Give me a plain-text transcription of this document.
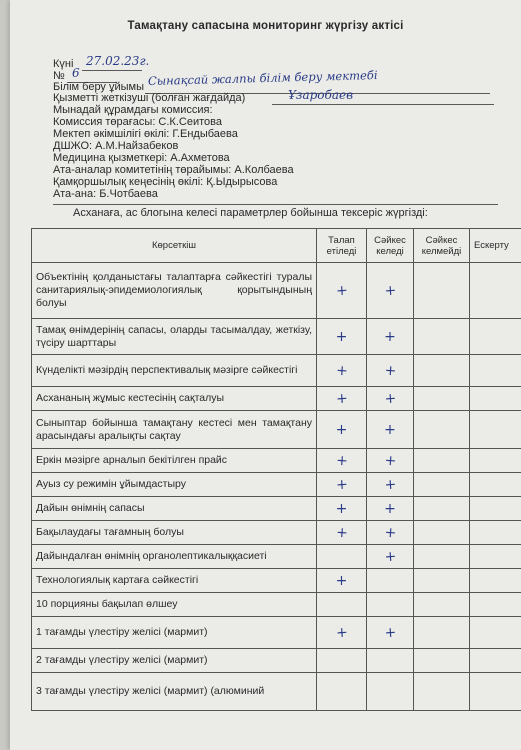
Тамақтану сапасына мониторинг жүргізу актісі
Күні 27.02.23г.
№ 6
Білім беру ұйымы Сынақсай жалпы білім беру мектебі
Қызметті жеткізуші (болған жағдайда)	Ұзаробаев
Мынадай құрамдағы комиссия:
Комиссия төрағасы: С.К.Сеитова
Мектеп әкімшілігі өкілі: Г.Ендыбаева
ДШЖО: А.М.Найзабеков
Медицина қызметкері: А.Ахметова
Ата-аналар комитетінің төрайымы: А.Колбаева
Қамқоршылық кеңесінің өкілі: Қ.Ыдырысова
Ата-ана: Б.Чотбаева
Асханаға, ас блогына келесі параметрлер бойынша тексеріс жүргізді:
Көрсеткіш	Талап етіледі	Сәйкес келеді	Сәйкес келмейді	Ескерту
Объектінің қолданыстағы талаптарға сәйкестігі туралы санитариялық-эпидемиологиялық қорытындының болуы	+	+		
Тамақ өнімдерінің сапасы, оларды тасымалдау, жеткізу, түсіру шарттары	+	+		
Күнделікті мәзірдің перспективалық мәзірге сәйкестігі	+	+		
Асхананың жұмыс кестесінің сақталуы	+	+		
Сыныптар бойынша тамақтану кестесі мен тамақтану арасындағы аралықты сақтау	+	+		
Еркін мәзірге арналып бекітілген прайс	+	+		
Ауыз су режимін ұйымдастыру	+	+		
Дайын өнімнің сапасы	+	+		
Бақылаудағы тағамның болуы	+	+		
Дайындалған өнімнің органолептикалыққасиеті		+		
Технологиялық картаға сәйкестігі	+			
10 порцияны бақылап өлшеу				
1 тағамды үлестіру желісі (мармит)	+	+		
2 тағамды үлестіру желісі (мармит)				
3 тағамды үлестіру желісі (мармит) (алюминий				
